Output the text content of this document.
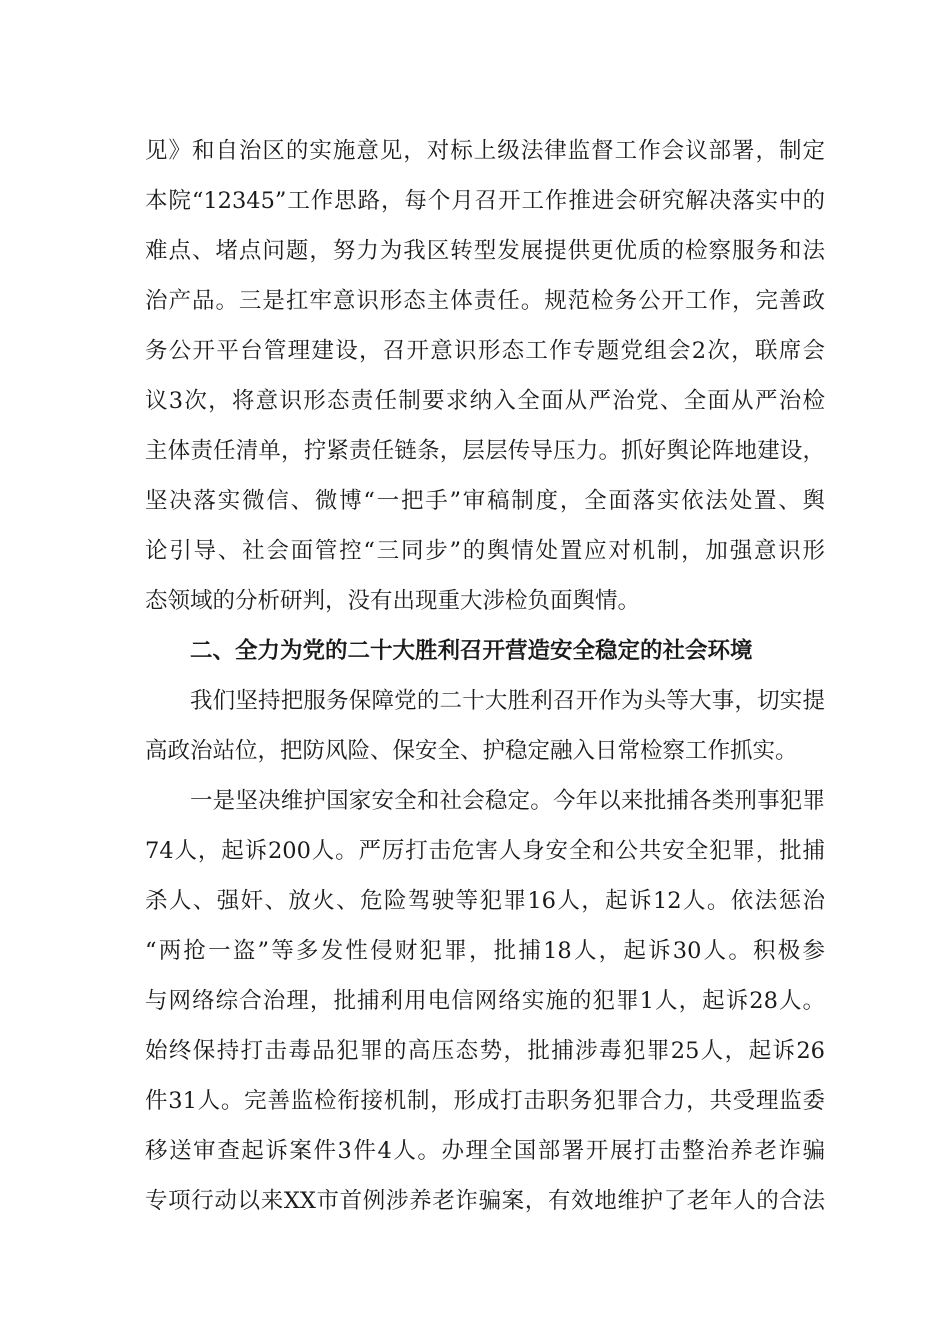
见》和自治区的实施意见，对标上级法律监督工作会议部署，制定
本院“12345”工作思路，每个月召开工作推进会研究解决落实中的
难点、堵点问题，努力为我区转型发展提供更优质的检察服务和法
治产品。三是扛牢意识形态主体责任。规范检务公开工作，完善政
务公开平台管理建设，召开意识形态工作专题党组会2次，联席会
议3次，将意识形态责任制要求纳入全面从严治党、全面从严治检
主体责任清单，拧紧责任链条，层层传导压力。抓好舆论阵地建设，
坚决落实微信、微博“一把手”审稿制度，全面落实依法处置、舆
论引导、社会面管控“三同步”的舆情处置应对机制，加强意识形
态领域的分析研判，没有出现重大涉检负面舆情。
二、全力为党的二十大胜利召开营造安全稳定的社会环境
我们坚持把服务保障党的二十大胜利召开作为头等大事，切实提
高政治站位，把防风险、保安全、护稳定融入日常检察工作抓实。
一是坚决维护国家安全和社会稳定。今年以来批捕各类刑事犯罪
74人，起诉200人。严厉打击危害人身安全和公共安全犯罪，批捕
杀人、强奸、放火、危险驾驶等犯罪16人，起诉12人。依法惩治
“两抢一盗”等多发性侵财犯罪，批捕18人，起诉30人。积极参
与网络综合治理，批捕利用电信网络实施的犯罪1人，起诉28人。
始终保持打击毒品犯罪的高压态势，批捕涉毒犯罪25人，起诉26
件31人。完善监检衔接机制，形成打击职务犯罪合力，共受理监委
移送审查起诉案件3件4人。办理全国部署开展打击整治养老诈骗
专项行动以来XX市首例涉养老诈骗案，有效地维护了老年人的合法
